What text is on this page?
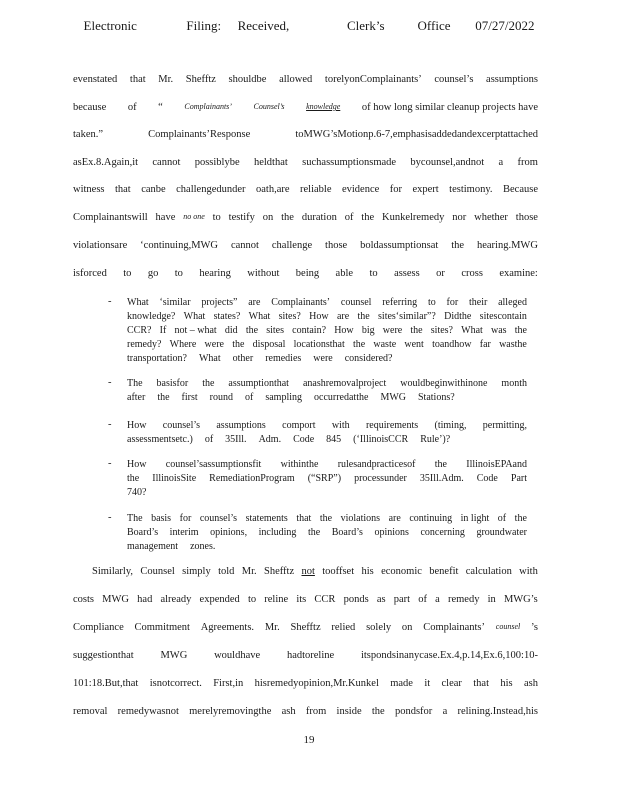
Electronic      Filing:  Received,       Clerk’s    Office   07/27/2022
evenstated that Mr. Shefftz shouldbe allowed torelyonComplainants’ counsel’s assumptions
because of “	Complainants’	Counsel’s	knowledge of how long similar cleanup projects have
taken.”	Complainants’Response	toMWG’sMotionp.6-7,emphasisaddedandexcerptattached
asEx.8.Again,it cannot possiblybe heldthat suchassumptionsmade bycounsel,andnot a from
witness that canbe challengedunder oath,are reliable evidence for expert testimony. Because
Complainantswill have no one to testify on the duration of the Kunkelremedy nor whether those
violationsare ‘continuing,MWG cannot challenge those boldassumptionsat the hearing.MWG
isforced to go to hearing without being able to assess or cross examine:
- What ‘similar projects” are Complainants’ counsel referring to for their alleged
knowledge? What states? What sites? How are the sites‘similar”? Didthe sitescontain
CCR? If not – what did the sites contain? How big were the sites? What was the
remedy? Where were the disposal locationsthat the waste went toandhow far wasthe
transportation? What other remedies were considered?
- The basisfor the assumptionthat anashremovalproject wouldbeginwithinone month
after the first round of sampling occurredatthe MWG Stations?
- How counsel’s assumptions comport with requirements (timing, permitting,
assessmentsetc.) of 35Ill. Adm. Code 845 (‘IllinoisCCR Rule’)?
- How counsel’sassumptionsfit withinthe rulesandpracticesof the IllinoisEPAand
the IllinoisSite RemediationProgram (“SRP”) processunder 35Ill.Adm. Code Part
740?
- The basis for counsel’s statements that the violations are continuing in light of the
Board’s interim opinions, including the Board’s opinions concerning groundwater
management zones.
Similarly, Counsel simply told Mr. Shefftz not tooffset his economic benefit calculation with
costs MWG had already expended to reline its CCR ponds as part of a remedy in MWG’s
Compliance Commitment Agreements. Mr. Shefftz relied solely on Complainants’ counsel ’s
suggestionthat	MWG	wouldhave	hadtoreline	itspondsinanycase.Ex.4,p.14,Ex.6,100:10-
101:18.But,that isnotcorrect. First,in hisremedyopinion,Mr.Kunkel made it clear that his ash
removal remedywasnot merelyremovingthe ash from inside the pondsfor a relining.Instead,his
19
